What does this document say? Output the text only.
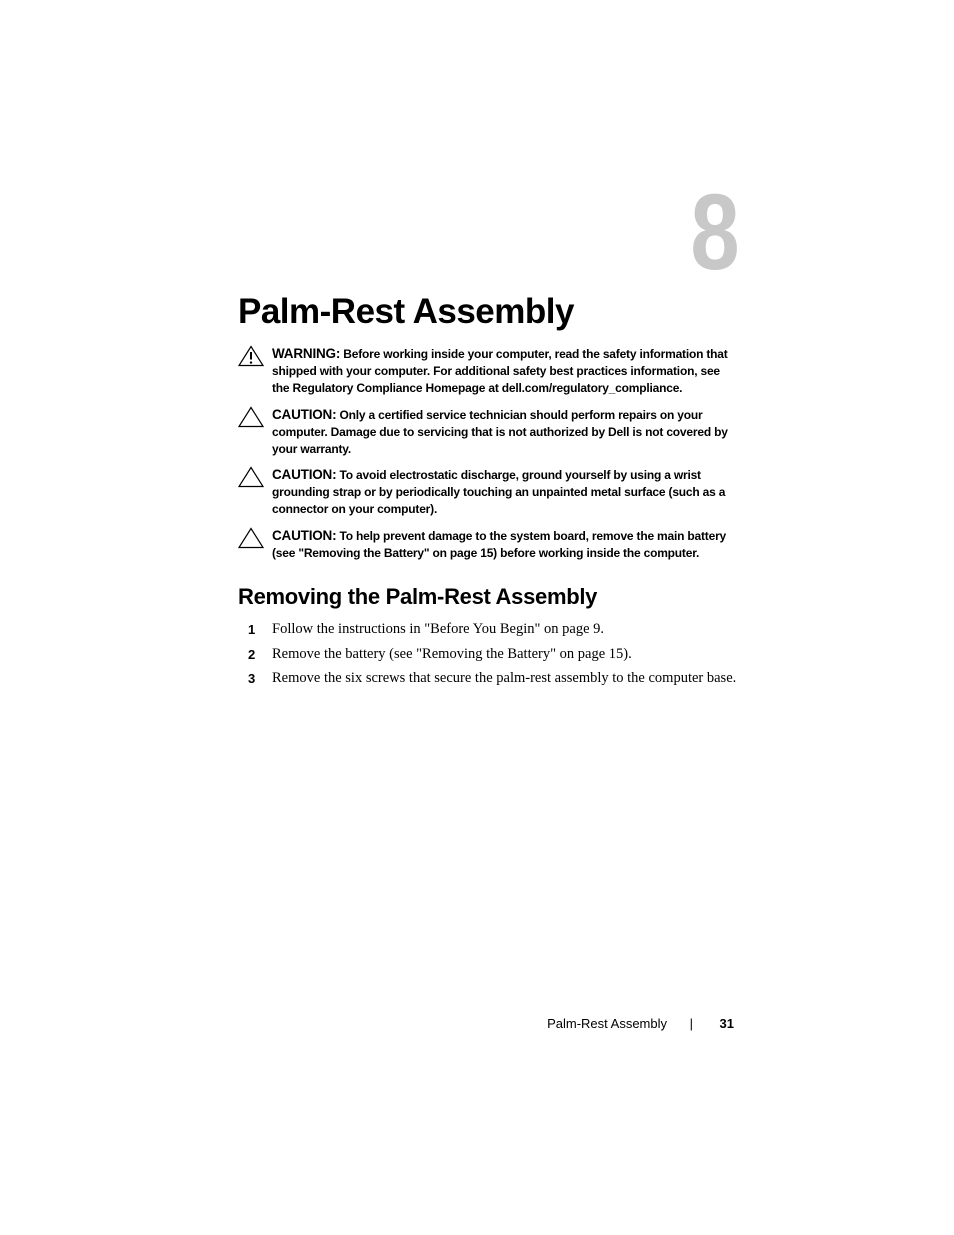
8
Palm-Rest Assembly
WARNING: Before working inside your computer, read the safety information that shipped with your computer. For additional safety best practices information, see the Regulatory Compliance Homepage at dell.com/regulatory_compliance.
CAUTION: Only a certified service technician should perform repairs on your computer. Damage due to servicing that is not authorized by Dell is not covered by your warranty.
CAUTION: To avoid electrostatic discharge, ground yourself by using a wrist grounding strap or by periodically touching an unpainted metal surface (such as a connector on your computer).
CAUTION: To help prevent damage to the system board, remove the main battery (see "Removing the Battery" on page 15) before working inside the computer.
Removing the Palm-Rest Assembly
1 Follow the instructions in "Before You Begin" on page 9.
2 Remove the battery (see "Removing the Battery" on page 15).
3 Remove the six screws that secure the palm-rest assembly to the computer base.
Palm-Rest Assembly | 31
